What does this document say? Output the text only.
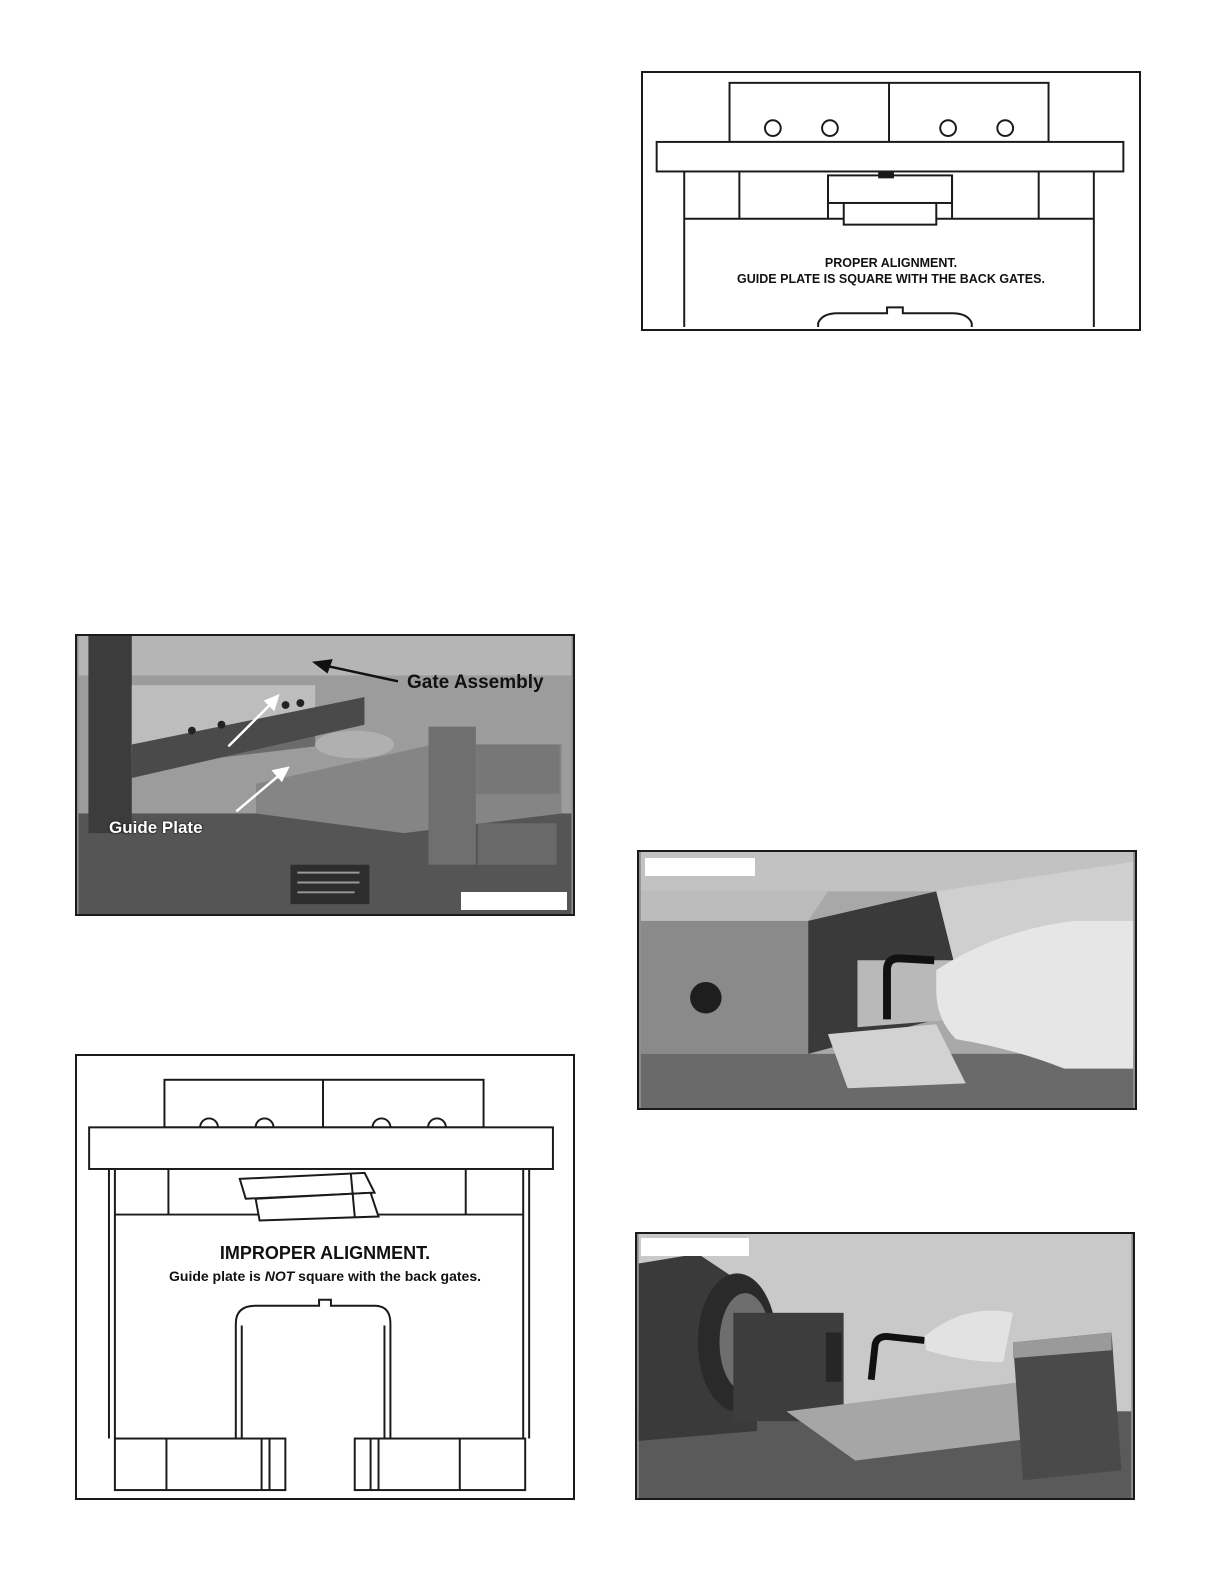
PROPER ALIGNMENT.
GUIDE PLATE IS SQUARE WITH THE BACK GATES.
Gate Assembly
Guide Plate
IMPROPER ALIGNMENT.
Guide plate is NOT square with the back gates.
